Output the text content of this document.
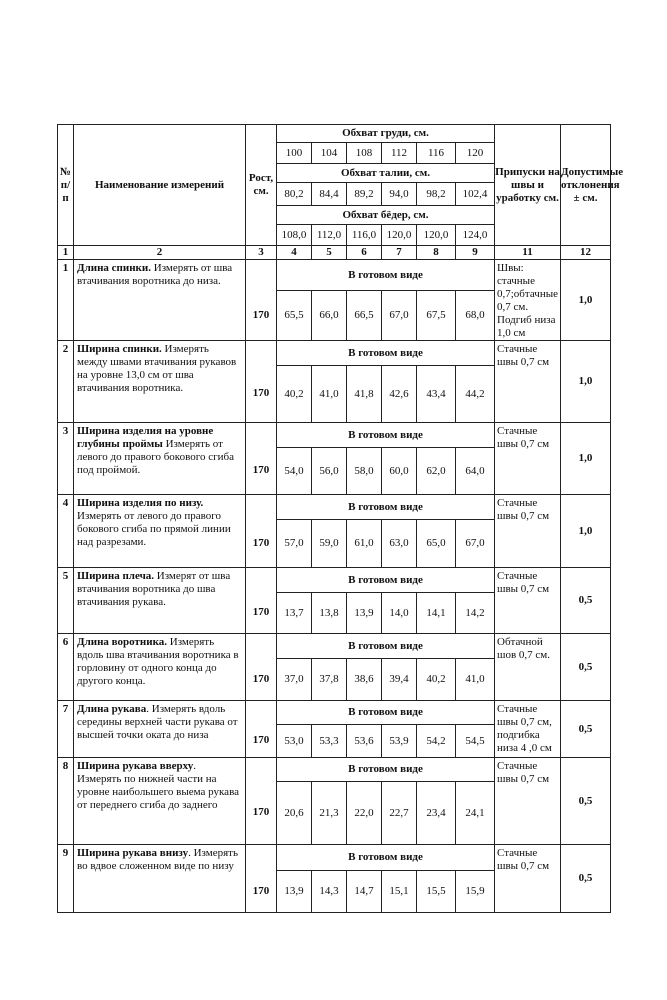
№ п/п	Наименование измерений	Рост, см.	Обхват груди, см.						Припуски на швы и уработку см.	Допустимые отклонения ± см.
			100	104	108	112	116	120		
			Обхват талии, см.							
			80,2	84,4	89,2	94,0	98,2	102,4		
			Обхват бёдер, см.							
			108,0	112,0	116,0	120,0	120,0	124,0		
1	2	3	4	5	6	7	8	9	11	12
1	Длина спинки. Измерять от шва втачивания воротника до низа.		В готовом виде						Швы: стачные 0,7;обтачные 0,7 см. Подгиб низа 1,0 см	1,0
		170	65,5	66,0	66,5	67,0	67,5	68,0		
2	Ширина спинки. Измерять между швами втачивания рукавов на уровне 13,0 см от шва втачивания воротника.		В готовом виде						Стачные швы 0,7 см	1,0
		170	40,2	41,0	41,8	42,6	43,4	44,2		
3	Ширина изделия на уровне глубины проймы Измерять от левого до правого бокового сгиба под проймой.		В готовом виде						Стачные швы 0,7 см	1,0
		170	54,0	56,0	58,0	60,0	62,0	64,0		
4	Ширина изделия по низу. Измерять от левого до правого бокового сгиба по прямой линии над разрезами.		В готовом виде						Стачные швы 0,7 см	1,0
		170	57,0	59,0	61,0	63,0	65,0	67,0		
5	Ширина плеча. Измерят от шва втачивания воротника до шва втачивания рукава.		В готовом виде						Стачные швы 0,7 см	0,5
		170	13,7	13,8	13,9	14,0	14,1	14,2		
6	Длина воротника. Измерять вдоль шва втачивания воротника в горловину от одного конца до другого конца.		В готовом виде						Обтачной шов 0,7 см.	0,5
		170	37,0	37,8	38,6	39,4	40,2	41,0		
7	Длина рукава. Измерять вдоль середины верхней части рукава от высшей точки оката до низа		В готовом виде						Стачные швы 0,7 см, подгибка низа 4 ,0 см	0,5
		170	53,0	53,3	53,6	53,9	54,2	54,5		
8	Ширина рукава вверху. Измерять по нижней части на уровне наибольшего выема рукава от переднего сгиба до заднего		В готовом виде						Стачные швы 0,7 см	0,5
		170	20,6	21,3	22,0	22,7	23,4	24,1		
9	Ширина рукава внизу. Измерять во вдвое сложенном виде по низу		В готовом виде						Стачные швы 0,7 см	0,5
		170	13,9	14,3	14,7	15,1	15,5	15,9		
